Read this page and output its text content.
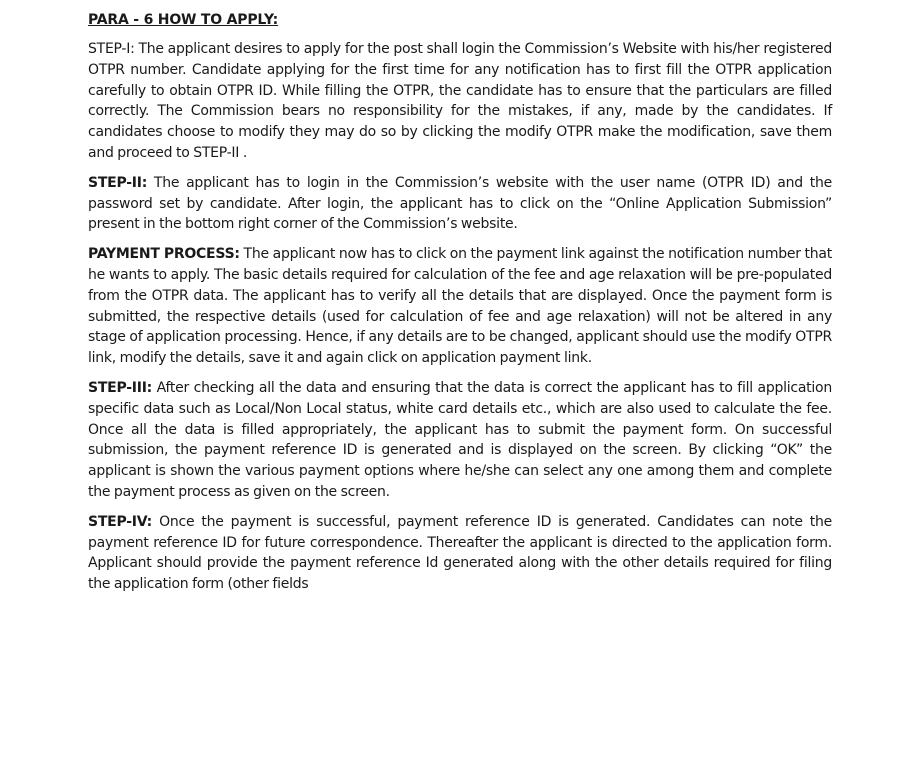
PARA - 6 HOW TO APPLY:

STEP-I: The applicant desires to apply for the post shall login the Commission’s Website with his/her registered OTPR number. Candidate applying for the first time for any notification has to first fill the OTPR application carefully to obtain OTPR ID. While filling the OTPR, the candidate has to ensure that the particulars are filled correctly. The Commission bears no responsibility for the mistakes, if any, made by the candidates. If candidates choose to modify they may do so by clicking the modify OTPR make the modification, save them and proceed to STEP-II .

STEP-II: The applicant has to login in the Commission’s website with the user name (OTPR ID) and the password set by candidate. After login, the applicant has to click on the “Online Application Submission” present in the bottom right corner of the Commission’s website.

PAYMENT PROCESS: The applicant now has to click on the payment link against the notification number that he wants to apply. The basic details required for calculation of the fee and age relaxation will be pre-populated from the OTPR data. The applicant has to verify all the details that are displayed. Once the payment form is submitted, the respective details (used for calculation of fee and age relaxation) will not be altered in any stage of application processing. Hence, if any details are to be changed, applicant should use the modify OTPR link, modify the details, save it and again click on application payment link.

STEP-III: After checking all the data and ensuring that the data is correct the applicant has to fill application specific data such as Local/Non Local status, white card details etc., which are also used to calculate the fee. Once all the data is filled appropriately, the applicant has to submit the payment form. On successful submission, the payment reference ID is generated and is displayed on the screen. By clicking “OK” the applicant is shown the various payment options where he/she can select any one among them and complete the payment process as given on the screen.

STEP-IV: Once the payment is successful, payment reference ID is generated. Candidates can note the payment reference ID for future correspondence. Thereafter the applicant is directed to the application form. Applicant should provide the payment reference Id generated along with the other details required for filing the application form (other fields
